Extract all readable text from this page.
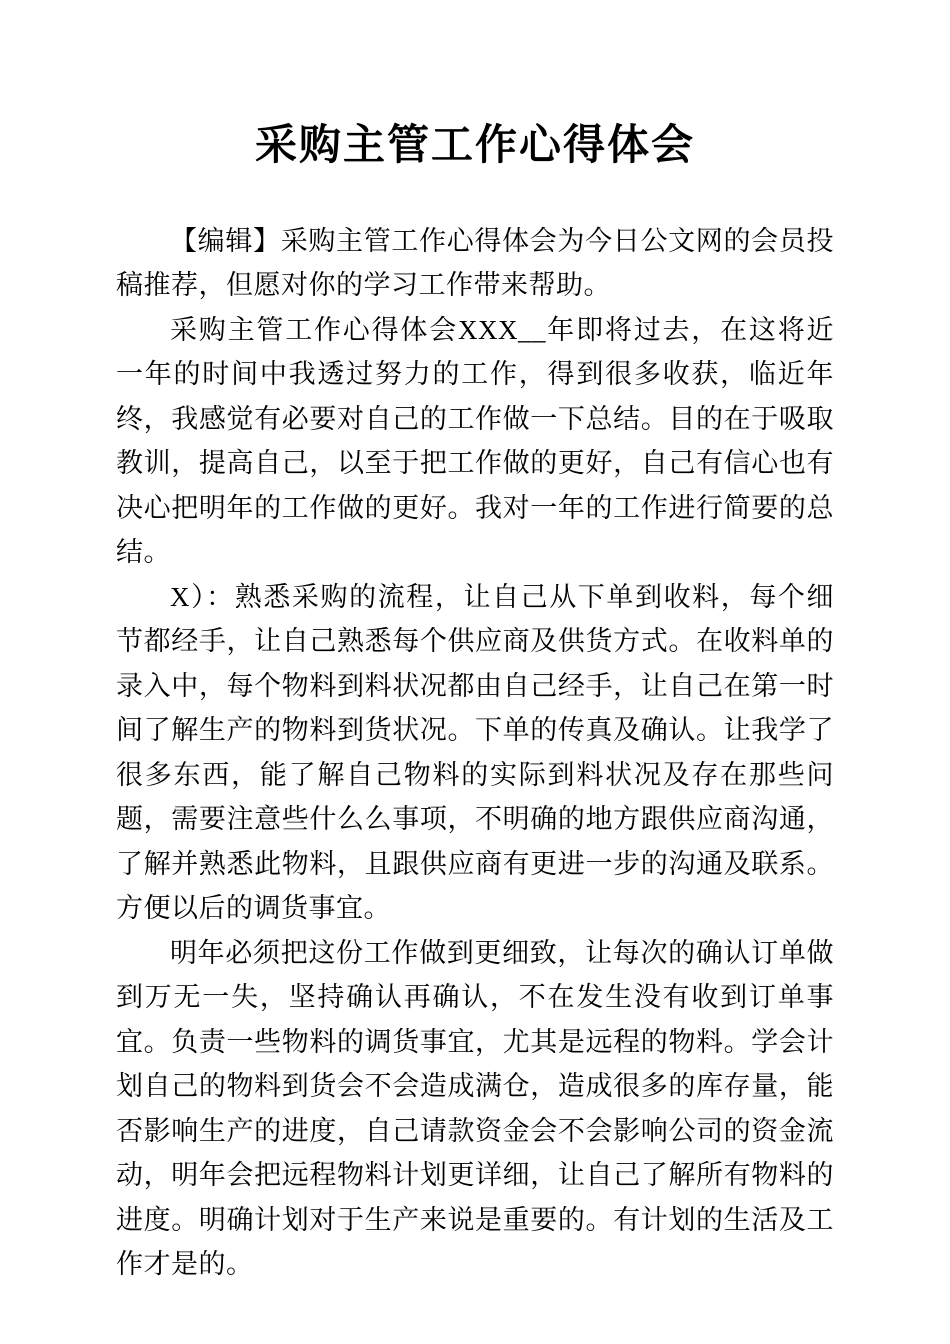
采购主管工作心得体会

【编辑】采购主管工作心得体会为今日公文网的会员投稿推荐，但愿对你的学习工作带来帮助。

采购主管工作心得体会XXX__年即将过去，在这将近一年的时间中我透过努力的工作，得到很多收获，临近年终，我感觉有必要对自己的工作做一下总结。目的在于吸取教训，提高自己，以至于把工作做的更好，自己有信心也有决心把明年的工作做的更好。我对一年的工作进行简要的总结。

X）：熟悉采购的流程，让自己从下单到收料，每个细节都经手，让自己熟悉每个供应商及供货方式。在收料单的录入中，每个物料到料状况都由自己经手，让自己在第一时间了解生产的物料到货状况。下单的传真及确认。让我学了很多东西，能了解自己物料的实际到料状况及存在那些问题，需要注意些什么么事项，不明确的地方跟供应商沟通，了解并熟悉此物料，且跟供应商有更进一步的沟通及联系。方便以后的调货事宜。

明年必须把这份工作做到更细致，让每次的确认订单做到万无一失，坚持确认再确认，不在发生没有收到订单事宜。负责一些物料的调货事宜，尤其是远程的物料。学会计划自己的物料到货会不会造成满仓，造成很多的库存量，能否影响生产的进度，自己请款资金会不会影响公司的资金流动，明年会把远程物料计划更详细，让自己了解所有物料的进度。明确计划对于生产来说是重要的。有计划的生活及工作才是的。
